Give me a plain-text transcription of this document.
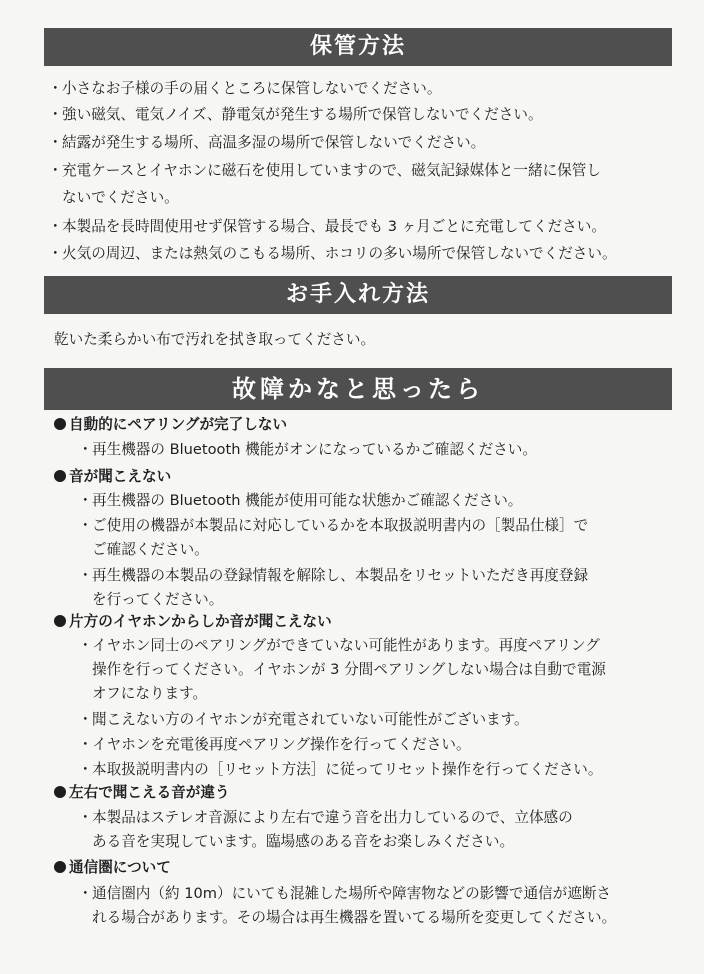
保管方法
・ 小さなお子様の手の届くところに保管しないでください。
・ 強い磁気、電気ノイズ、静電気が発生する場所で保管しないでください。
・ 結露が発生する場所、高温多湿の場所で保管しないでください。
・ 充電ケースとイヤホンに磁石を使用していますので、磁気記録媒体と一緒に保管し
ないでください。
・ 本製品を長時間使用せず保管する場合、最長でも 3 ヶ月ごとに充電してください。
・ 火気の周辺、または熱気のこもる場所、ホコリの多い場所で保管しないでください。
お手入れ方法
乾いた柔らかい布で汚れを拭き取ってください。
故障かなと思ったら
自動的にペアリングが完了しない
・ 再生機器の Bluetooth 機能がオンになっているかご確認ください。
音が聞こえない
・ 再生機器の Bluetooth 機能が使用可能な状態かご確認ください。
・ ご使用の機器が本製品に対応しているかを本取扱説明書内の［製品仕様］で
ご確認ください。
・ 再生機器の本製品の登録情報を解除し、本製品をリセットいただき再度登録
を行ってください。
片方のイヤホンからしか音が聞こえない
・ イヤホン同士のペアリングができていない可能性があります。再度ペアリング
操作を行ってください。イヤホンが 3 分間ペアリングしない場合は自動で電源
オフになります。
・ 聞こえない方のイヤホンが充電されていない可能性がございます。
・ イヤホンを充電後再度ペアリング操作を行ってください。
・ 本取扱説明書内の［リセット方法］に従ってリセット操作を行ってください。
左右で聞こえる音が違う
・ 本製品はステレオ音源により左右で違う音を出力しているので、立体感の
ある音を実現しています。臨場感のある音をお楽しみください。
通信圏について
・ 通信圏内（約 10m）にいても混雑した場所や障害物などの影響で通信が遮断さ
れる場合があります。その場合は再生機器を置いてる場所を変更してください。
